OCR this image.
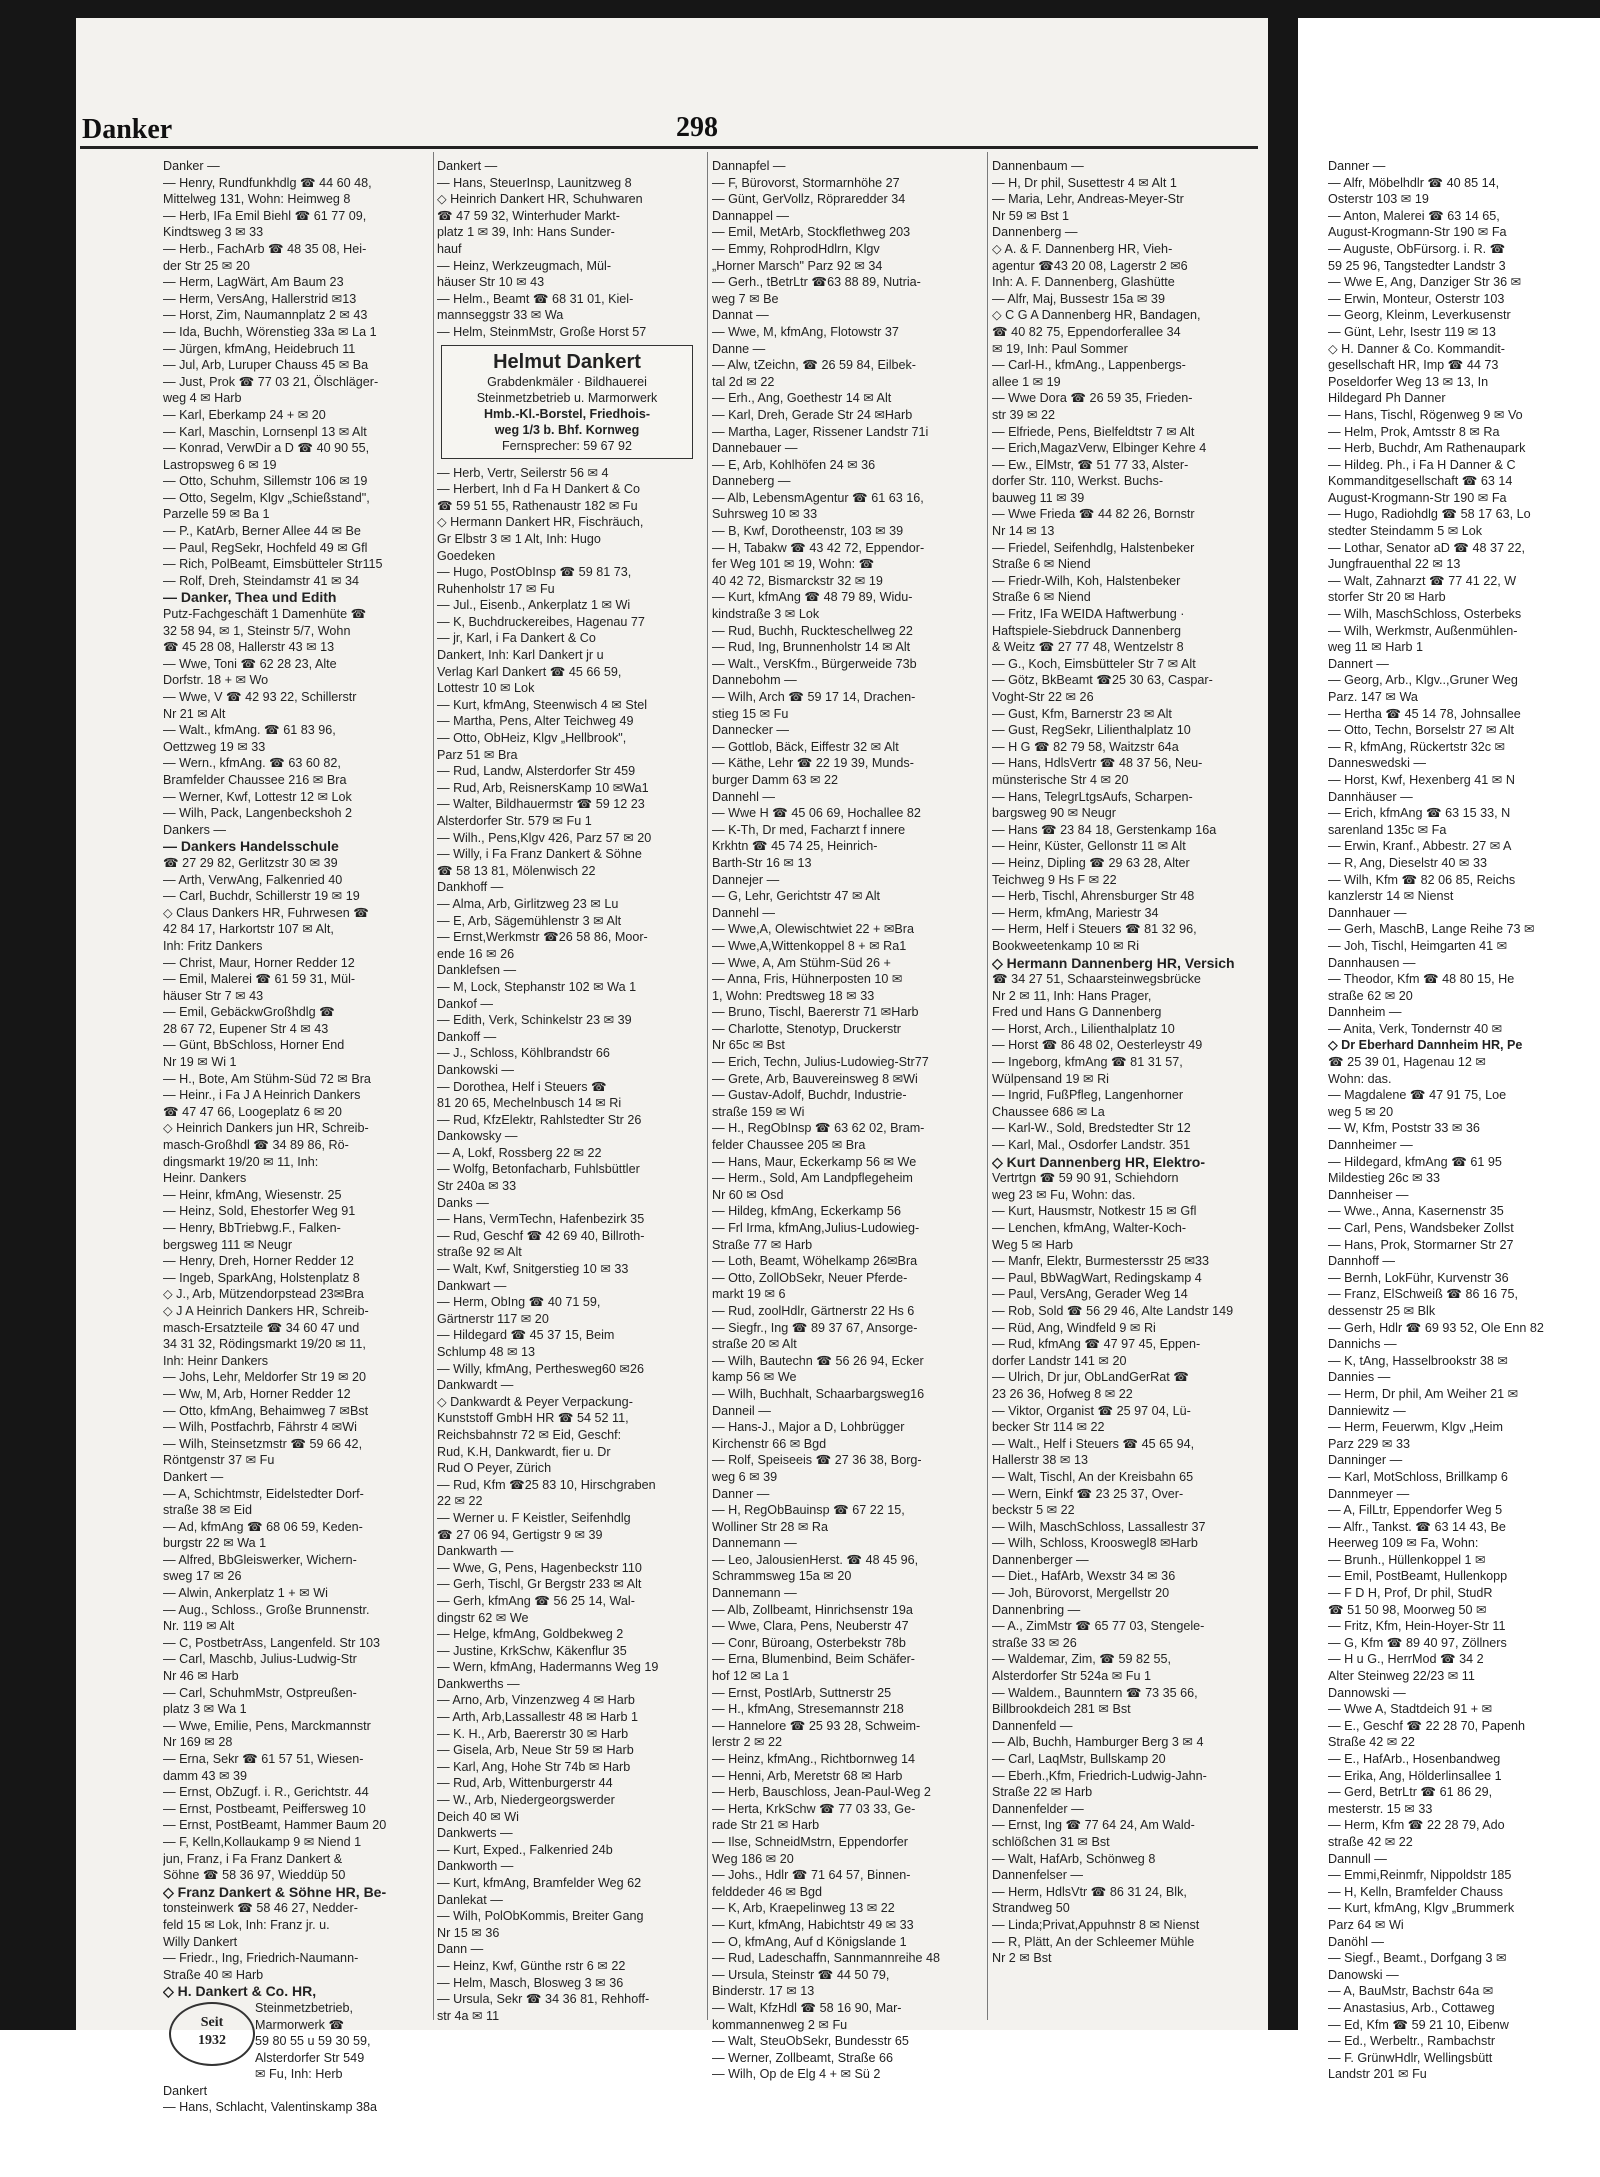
Danker	298
Danker —
— Henry, Rundfunkhdlg ☎ 44 60 48,
Mittelweg 131, Wohn: Heimweg 8
— Herb, IFa Emil Biehl ☎ 61 77 09,
Kindtsweg 3 ✉ 33
— Herb., FachArb ☎ 48 35 08, Hei-
der Str 25 ✉ 20
— Herm, LagWärt, Am Baum 23
— Herm, VersAng, Hallerstrid ✉13
— Horst, Zim, Naumannplatz 2 ✉ 43
— Ida, Buchh, Wörenstieg 33a ✉ La 1
— Jürgen, kfmAng, Heidebruch 11
— Jul, Arb, Luruper Chauss 45 ✉ Ba
— Just, Prok ☎ 77 03 21, Ölschläger-
weg 4 ✉ Harb
— Karl, Eberkamp 24 + ✉ 20
— Karl, Maschin, Lornsenpl 13 ✉ Alt
— Konrad, VerwDir a D ☎ 40 90 55,
Lastropsweg 6 ✉ 19
— Otto, Schuhm, Sillemstr 106 ✉ 19
— Otto, Segelm, Klgv „Schießstand",
Parzelle 59 ✉ Ba 1
— P., KatArb, Berner Allee 44 ✉ Be
— Paul, RegSekr, Hochfeld 49 ✉ Gfl
— Rich, PolBeamt, Eimsbütteler Str115
— Rolf, Dreh, Steindamstr 41 ✉ 34
— Danker, Thea und Edith
Putz-Fachgeschäft 1 Damenhüte ☎
32 58 94, ✉ 1, Steinstr 5/7, Wohn
☎ 45 28 08, Hallerstr 43 ✉ 13
— Wwe, Toni ☎ 62 28 23, Alte
Dorfstr. 18 + ✉ Wo
— Wwe, V ☎ 42 93 22, Schillerstr
Nr 21 ✉ Alt
— Walt., kfmAng. ☎ 61 83 96,
Oettzweg 19 ✉ 33
— Wern., kfmAng. ☎ 63 60 82,
Bramfelder Chaussee 216 ✉ Bra
— Werner, Kwf, Lottestr 12 ✉ Lok
— Wilh, Pack, Langenbeckshoh 2
Dankers —
— Dankers Handelsschule
☎ 27 29 82, Gerlitzstr 30 ✉ 39
— Arth, VerwAng, Falkenried 40
— Carl, Buchdr, Schillerstr 19 ✉ 19
◇ Claus Dankers HR, Fuhrwesen ☎
42 84 17, Harkortstr 107 ✉ Alt,
Inh: Fritz Dankers
— Christ, Maur, Horner Redder 12
— Emil, Malerei ☎ 61 59 31, Mül-
häuser Str 7 ✉ 43
— Emil, GebäckwGroßhdlg ☎
28 67 72, Eupener Str 4 ✉ 43
— Günt, BbSchloss, Horner End
Nr 19 ✉ Wi 1
— H., Bote, Am Stühm-Süd 72 ✉ Bra
— Heinr., i Fa J A Heinrich Dankers
☎ 47 47 66, Loogeplatz 6 ✉ 20
◇ Heinrich Dankers jun HR, Schreib-
masch-Großhdl ☎ 34 89 86, Rö-
dingsmarkt 19/20 ✉ 11, Inh:
Heinr. Dankers
— Heinr, kfmAng, Wiesenstr. 25
— Heinz, Sold, Ehestorfer Weg 91
— Henry, BbTriebwg.F., Falken-
bergsweg 111 ✉ Neugr
— Henry, Dreh, Horner Redder 12
— Ingeb, SparkAng, Holstenplatz 8
◇ J., Arb, Mützendorpstead 23✉Bra
◇ J A Heinrich Dankers HR, Schreib-
masch-Ersatzteile ☎ 34 60 47 und
34 31 32, Rödingsmarkt 19/20 ✉ 11,
Inh: Heinr Dankers
— Johs, Lehr, Meldorfer Str 19 ✉ 20
— Ww, M, Arb, Horner Redder 12
— Otto, kfmAng, Behaimweg 7 ✉Bst
— Wilh, Postfachrb, Fährstr 4 ✉Wi
— Wilh, Steinsetzmstr ☎ 59 66 42,
Röntgenstr 37 ✉ Fu
Dankert —
— A, Schichtmstr, Eidelstedter Dorf-
straße 38 ✉ Eid
— Ad, kfmAng ☎ 68 06 59, Keden-
burgstr 22 ✉ Wa 1
— Alfred, BbGleiswerker, Wichern-
sweg 17 ✉ 26
— Alwin, Ankerplatz 1 + ✉ Wi
— Aug., Schloss., Große Brunnenstr.
Nr. 119 ✉ Alt
— C, PostbetrAss, Langenfeld. Str 103
— Carl, Maschb, Julius-Ludwig-Str
Nr 46 ✉ Harb
— Carl, SchuhmMstr, Ostpreußen-
platz 3 ✉ Wa 1
— Wwe, Emilie, Pens, Marckmannstr
Nr 169 ✉ 28
— Erna, Sekr ☎ 61 57 51, Wiesen-
damm 43 ✉ 39
— Ernst, ObZugf. i. R., Gerichtstr. 44
— Ernst, Postbeamt, Peiffersweg 10
— Ernst, PostBeamt, Hammer Baum 20
— F, Kelln,Kollaukamp 9 ✉ Niend 1
jun, Franz, i Fa Franz Dankert &
Söhne ☎ 58 36 97, Wieddüp 50
◇ Franz Dankert & Söhne HR, Be-
tonsteinwerk ☎ 58 46 27, Nedder-
feld 15 ✉ Lok, Inh: Franz jr. u.
Willy Dankert
— Friedr., Ing, Friedrich-Naumann-
Straße 40 ✉ Harb
◇ H. Dankert & Co. HR,
Seit
1932
Steinmetzbetrieb,
Marmorwerk ☎
59 80 55 u 59 30 59,
Alsterdorfer Str 549
✉ Fu, Inh: Herb
Dankert
— Hans, Schlacht, Valentinskamp 38a
Dankert —
— Hans, SteuerInsp, Launitzweg 8
◇ Heinrich Dankert HR, Schuhwaren
☎ 47 59 32, Winterhuder Markt-
platz 1 ✉ 39, Inh: Hans Sunder-
hauf
— Heinz, Werkzeugmach, Mül-
häuser Str 10 ✉ 43
— Helm., Beamt ☎ 68 31 01, Kiel-
mannseggstr 33 ✉ Wa
— Helm, SteinmMstr, Große Horst 57
Helmut Dankert
Grabdenkmäler · Bildhauerei
Steinmetzbetrieb u. Marmorwerk
Hmb.-Kl.-Borstel, Friedhois-
weg 1/3 b. Bhf. Kornweg
Fernsprecher: 59 67 92
— Herb, Vertr, Seilerstr 56 ✉ 4
— Herbert, Inh d Fa H Dankert & Co
☎ 59 51 55, Rathenaustr 182 ✉ Fu
◇ Hermann Dankert HR, Fischräuch,
Gr Elbstr 3 ✉ 1 Alt, Inh: Hugo
Goedeken
— Hugo, PostObInsp ☎ 59 81 73,
Ruhenholstr 17 ✉ Fu
— Jul., Eisenb., Ankerplatz 1 ✉ Wi
— K, Buchdruckereibes, Hagenau 77
— jr, Karl, i Fa Dankert & Co
Dankert, Inh: Karl Dankert jr u
Verlag Karl Dankert ☎ 45 66 59,
Lottestr 10 ✉ Lok
— Kurt, kfmAng, Steenwisch 4 ✉ Stel
— Martha, Pens, Alter Teichweg 49
— Otto, ObHeiz, Klgv „Hellbrook",
Parz 51 ✉ Bra
— Rud, Landw, Alsterdorfer Str 459
— Rud, Arb, ReisnersKamp 10 ✉Wa1
— Walter, Bildhauermstr ☎ 59 12 23
Alsterdorfer Str. 579 ✉ Fu 1
— Wilh., Pens,Klgv 426, Parz 57 ✉ 20
— Willy, i Fa Franz Dankert & Söhne
☎ 58 13 81, Mölenwisch 22
Dankhoff —
— Alma, Arb, Girlitzweg 23 ✉ Lu
— E, Arb, Sägemühlenstr 3 ✉ Alt
— Ernst,Werkmstr ☎26 58 86, Moor-
ende 16 ✉ 26
Danklefsen —
— M, Lock, Stephanstr 102 ✉ Wa 1
Dankof —
— Edith, Verk, Schinkelstr 23 ✉ 39
Dankoff —
— J., Schloss, Köhlbrandstr 66
Dankowski —
— Dorothea, Helf i Steuers ☎
81 20 65, Mechelnbusch 14 ✉ Ri
— Rud, KfzElektr, Rahlstedter Str 26
Dankowsky —
— A, Lokf, Rossberg 22 ✉ 22
— Wolfg, Betonfacharb, Fuhlsbüttler
Str 240a ✉ 33
Danks —
— Hans, VermTechn, Hafenbezirk 35
— Rud, Geschf ☎ 42 69 40, Billroth-
straße 92 ✉ Alt
— Walt, Kwf, Snitgerstieg 10 ✉ 33
Dankwart —
— Herm, ObIng ☎ 40 71 59,
Gärtnerstr 117 ✉ 20
— Hildegard ☎ 45 37 15, Beim
Schlump 48 ✉ 13
— Willy, kfmAng, Perthesweg60 ✉26
Dankwardt —
◇ Dankwardt & Peyer Verpackung-
Kunststoff GmbH HR ☎ 54 52 11,
Reichsbahnstr 72 ✉ Eid, Geschf:
Rud, K.H, Dankwardt, fier u. Dr
Rud O Peyer, Zürich
— Rud, Kfm ☎25 83 10, Hirschgraben
22 ✉ 22
— Werner u. F Keistler, Seifenhdlg
☎ 27 06 94, Gertigstr 9 ✉ 39
Dankwarth —
— Wwe, G, Pens, Hagenbeckstr 110
— Gerh, Tischl, Gr Bergstr 233 ✉ Alt
— Gerh, kfmAng ☎ 56 25 14, Wal-
dingstr 62 ✉ We
— Helge, kfmAng, Goldbekweg 2
— Justine, KrkSchw, Käkenflur 35
— Wern, kfmAng, Hadermanns Weg 19
Dankwerths —
— Arno, Arb, Vinzenzweg 4 ✉ Harb
— Arth, Arb,Lassallestr 48 ✉ Harb 1
— K. H., Arb, Baererstr 30 ✉ Harb
— Gisela, Arb, Neue Str 59 ✉ Harb
— Karl, Ang, Hohe Str 74b ✉ Harb
— Rud, Arb, Wittenburgerstr 44
— W., Arb, Niedergeorgswerder
Deich 40 ✉ Wi
Dankwerts —
— Kurt, Exped., Falkenried 24b
Dankworth —
— Kurt, kfmAng, Bramfelder Weg 62
Danlekat —
— Wilh, PolObKommis, Breiter Gang
Nr 15 ✉ 36
Dann —
— Heinz, Kwf, Günthe rstr 6 ✉ 22
— Helm, Masch, Blosweg 3 ✉ 36
— Ursula, Sekr ☎ 34 36 81, Rehhoff-
str 4a ✉ 11
Dannapfel —
— F, Bürovorst, Stormarnhöhe 27
— Günt, GerVollz, Röpraredder 34
Dannappel —
— Emil, MetArb, Stockflethweg 203
— Emmy, RohprodHdlrn, Klgv
„Horner Marsch" Parz 92 ✉ 34
— Gerh., tBetrLtr ☎63 88 89, Nutria-
weg 7 ✉ Be
Dannat —
— Wwe, M, kfmAng, Flotowstr 37
Danne —
— Alw, tZeichn, ☎ 26 59 84, Eilbek-
tal 2d ✉ 22
— Erh., Ang, Goethestr 14 ✉ Alt
— Karl, Dreh, Gerade Str 24 ✉Harb
— Martha, Lager, Rissener Landstr 71i
Dannebauer —
— E, Arb, Kohlhöfen 24 ✉ 36
Danneberg —
— Alb, LebensmAgentur ☎ 61 63 16,
Suhrsweg 10 ✉ 33
— B, Kwf, Dorotheenstr, 103 ✉ 39
— H, Tabakw ☎ 43 42 72, Eppendor-
fer Weg 101 ✉ 19, Wohn: ☎
40 42 72, Bismarckstr 32 ✉ 19
— Kurt, kfmAng ☎ 48 79 89, Widu-
kindstraße 3 ✉ Lok
— Rud, Buchh, Ruckteschellweg 22
— Rud, Ing, Brunnenholstr 14 ✉ Alt
— Walt., VersKfm., Bürgerweide 73b
Dannebohm —
— Wilh, Arch ☎ 59 17 14, Drachen-
stieg 15 ✉ Fu
Dannecker —
— Gottlob, Bäck, Eiffestr 32 ✉ Alt
— Käthe, Lehr ☎ 22 19 39, Munds-
burger Damm 63 ✉ 22
Dannehl —
— Wwe H ☎ 45 06 69, Hochallee 82
— K-Th, Dr med, Facharzt f innere
Krkhtn ☎ 45 74 25, Heinrich-
Barth-Str 16 ✉ 13
Dannejer —
— G, Lehr, Gerichtstr 47 ✉ Alt
Dannehl —
— Wwe,A, Olewischtwiet 22 + ✉Bra
— Wwe,A,Wittenkoppel 8 + ✉ Ra1
— Wwe, A, Am Stühm-Süd 26 +
— Anna, Fris, Hühnerposten 10 ✉
1, Wohn: Predtsweg 18 ✉ 33
— Bruno, Tischl, Baererstr 71 ✉Harb
— Charlotte, Stenotyp, Druckerstr
Nr 65c ✉ Bst
— Erich, Techn, Julius-Ludowieg-Str77
— Grete, Arb, Bauvereinsweg 8 ✉Wi
— Gustav-Adolf, Buchdr, Industrie-
straße 159 ✉ Wi
— H., RegObInsp ☎ 63 62 02, Bram-
felder Chaussee 205 ✉ Bra
— Hans, Maur, Eckerkamp 56 ✉ We
— Herm., Sold, Am Landpflegeheim
Nr 60 ✉ Osd
— Hildeg, kfmAng, Eckerkamp 56
— Frl Irma, kfmAng,Julius-Ludowieg-
Straße 77 ✉ Harb
— Loth, Beamt, Wöhelkamp 26✉Bra
— Otto, ZollObSekr, Neuer Pferde-
markt 19 ✉ 6
— Rud, zoolHdlr, Gärtnerstr 22 Hs 6
— Siegfr., Ing ☎ 89 37 67, Ansorge-
straße 20 ✉ Alt
— Wilh, Bautechn ☎ 56 26 94, Ecker
kamp 56 ✉ We
— Wilh, Buchhalt, Schaarbargsweg16
Danneil —
— Hans-J., Major a D, Lohbrügger
Kirchenstr 66 ✉ Bgd
— Rolf, Speiseeis ☎ 27 36 38, Borg-
weg 6 ✉ 39
Danner —
— H, RegObBauinsp ☎ 67 22 15,
Wolliner Str 28 ✉ Ra
Dannemann —
— Leo, JalousienHerst. ☎ 48 45 96,
Schrammsweg 15a ✉ 20
Dannemann —
— Alb, Zollbeamt, Hinrichsenstr 19a
— Wwe, Clara, Pens, Neuberstr 47
— Conr, Büroang, Osterbekstr 78b
— Erna, Blumenbind, Beim Schäfer-
hof 12 ✉ La 1
— Ernst, PostlArb, Suttnerstr 25
— H., kfmAng, Stresemannstr 218
— Hannelore ☎ 25 93 28, Schweim-
lerstr 2 ✉ 22
— Heinz, kfmAng., Richtbornweg 14
— Henni, Arb, Meretstr 68 ✉ Harb
— Herb, Bauschloss, Jean-Paul-Weg 2
— Herta, KrkSchw ☎ 77 03 33, Ge-
rade Str 21 ✉ Harb
— Ilse, SchneidMstrn, Eppendorfer
Weg 186 ✉ 20
— Johs., Hdlr ☎ 71 64 57, Binnen-
felddeder 46 ✉ Bgd
— K, Arb, Kraepelinweg 13 ✉ 22
— Kurt, kfmAng, Habichtstr 49 ✉ 33
— O, kfmAng, Auf d Königslande 1
— Rud, Ladeschaffn, Sannmannreihe 48
— Ursula, Steinstr ☎ 44 50 79,
Binderstr. 17 ✉ 13
— Walt, KfzHdl ☎ 58 16 90, Mar-
kommannenweg 2 ✉ Fu
— Walt, SteuObSekr, Bundesstr 65
— Werner, Zollbeamt, Straße 66
— Wilh, Op de Elg 4 + ✉ Sü 2
Dannenbaum —
— H, Dr phil, Susettestr 4 ✉ Alt 1
— Maria, Lehr, Andreas-Meyer-Str
Nr 59 ✉ Bst 1
Dannenberg —
◇ A. & F. Dannenberg HR, Vieh-
agentur ☎43 20 08, Lagerstr 2 ✉6
Inh: A. F. Dannenberg, Glashütte
— Alfr, Maj, Bussestr 15a ✉ 39
◇ C G A Dannenberg HR, Bandagen,
☎ 40 82 75, Eppendorferallee 34
✉ 19, Inh: Paul Sommer
— Carl-H., kfmAng., Lappenbergs-
allee 1 ✉ 19
— Wwe Dora ☎ 26 59 35, Frieden-
str 39 ✉ 22
— Elfriede, Pens, Bielfeldtstr 7 ✉ Alt
— Erich,MagazVerw, Elbinger Kehre 4
— Ew., ElMstr, ☎ 51 77 33, Alster-
dorfer Str. 110, Werkst. Buchs-
bauweg 11 ✉ 39
— Wwe Frieda ☎ 44 82 26, Bornstr
Nr 14 ✉ 13
— Friedel, Seifenhdlg, Halstenbeker
Straße 6 ✉ Niend
— Friedr-Wilh, Koh, Halstenbeker
Straße 6 ✉ Niend
— Fritz, IFa WEIDA Haftwerbung ·
Haftspiele-Siebdruck Dannenberg
& Weitz ☎ 27 77 48, Wentzelstr 8
— G., Koch, Eimsbütteler Str 7 ✉ Alt
— Götz, BkBeamt ☎25 30 63, Caspar-
Voght-Str 22 ✉ 26
— Gust, Kfm, Barnerstr 23 ✉ Alt
— Gust, RegSekr, Lilienthalplatz 10
— H G ☎ 82 79 58, Waitzstr 64a
— Hans, HdlsVertr ☎ 48 37 56, Neu-
münsterische Str 4 ✉ 20
— Hans, TelegrLtgsAufs, Scharpen-
bargsweg 90 ✉ Neugr
— Hans ☎ 23 84 18, Gerstenkamp 16a
— Heinr, Küster, Gellonstr 11 ✉ Alt
— Heinz, Dipling ☎ 29 63 28, Alter
Teichweg 9 Hs F ✉ 22
— Herb, Tischl, Ahrensburger Str 48
— Herm, kfmAng, Mariestr 34
— Herm, Helf i Steuers ☎ 81 32 96,
Bookweetenkamp 10 ✉ Ri
◇ Hermann Dannenberg HR, Versich
☎ 34 27 51, Schaarsteinwegsbrücke
Nr 2 ✉ 11, Inh: Hans Prager,
Fred und Hans G Dannenberg
— Horst, Arch., Lilienthalplatz 10
— Horst ☎ 86 48 02, Oesterleystr 49
— Ingeborg, kfmAng ☎ 81 31 57,
Wülpensand 19 ✉ Ri
— Ingrid, FußPfleg, Langenhorner
Chaussee 686 ✉ La
— Karl-W., Sold, Bredstedter Str 12
— Karl, Mal., Osdorfer Landstr. 351
◇ Kurt Dannenberg HR, Elektro-
Vertrtgn ☎ 59 90 91, Schiehdorn
weg 23 ✉ Fu, Wohn: das.
— Kurt, Hausmstr, Notkestr 15 ✉ Gfl
— Lenchen, kfmAng, Walter-Koch-
Weg 5 ✉ Harb
— Manfr, Elektr, Burmestersstr 25 ✉33
— Paul, BbWagWart, Redingskamp 4
— Paul, VersAng, Gerader Weg 14
— Rob, Sold ☎ 56 29 46, Alte Landstr 149
— Rüd, Ang, Windfeld 9 ✉ Ri
— Rud, kfmAng ☎ 47 97 45, Eppen-
dorfer Landstr 141 ✉ 20
— Ulrich, Dr jur, ObLandGerRat ☎
23 26 36, Hofweg 8 ✉ 22
— Viktor, Organist ☎ 25 97 04, Lü-
becker Str 114 ✉ 22
— Walt., Helf i Steuers ☎ 45 65 94,
Hallerstr 38 ✉ 13
— Walt, Tischl, An der Kreisbahn 65
— Wern, Einkf ☎ 23 25 37, Over-
beckstr 5 ✉ 22
— Wilh, MaschSchloss, Lassallestr 37
— Wilh, Schloss, Krooswegl8 ✉Harb
Dannenberger —
— Diet., HafArb, Wexstr 34 ✉ 36
— Joh, Bürovorst, Mergellstr 20
Dannenbring —
— A., ZimMstr ☎ 65 77 03, Stengele-
straße 33 ✉ 26
— Waldemar, Zim, ☎ 59 82 55,
Alsterdorfer Str 524a ✉ Fu 1
— Waldem., Baunntern ☎ 73 35 66,
Billbrookdeich 281 ✉ Bst
Dannenfeld —
— Alb, Buchh, Hamburger Berg 3 ✉ 4
— Carl, LaqMstr, Bullskamp 20
— Eberh.,Kfm, Friedrich-Ludwig-Jahn-
Straße 22 ✉ Harb
Dannenfelder —
— Ernst, Ing ☎ 77 64 24, Am Wald-
schlößchen 31 ✉ Bst
— Walt, HafArb, Schönweg 8
Dannenfelser —
— Herm, HdlsVtr ☎ 86 31 24, Blk,
Strandweg 50
— Linda;Privat,Appuhnstr 8 ✉ Nienst
— R, Plätt, An der Schleemer Mühle
Nr 2 ✉ Bst
Danner —
— Alfr, Möbelhdlr ☎ 40 85 14,
Osterstr 103 ✉ 19
— Anton, Malerei ☎ 63 14 65,
August-Krogmann-Str 190 ✉ Fa
— Auguste, ObFürsorg. i. R. ☎
59 25 96, Tangstedter Landstr 3
— Wwe E, Ang, Danziger Str 36 ✉
— Erwin, Monteur, Osterstr 103
— Georg, Kleinm, Leverkusenstr
— Günt, Lehr, Isestr 119 ✉ 13
◇ H. Danner & Co. Kommandit-
gesellschaft HR, Imp ☎ 44 73
Poseldorfer Weg 13 ✉ 13, In
Hildegard Ph Danner
— Hans, Tischl, Rögenweg 9 ✉ Vo
— Helm, Prok, Amtsstr 8 ✉ Ra
— Herb, Buchdr, Am Rathenaupark
— Hildeg. Ph., i Fa H Danner & C
Kommanditgesellschaft ☎ 63 14
August-Krogmann-Str 190 ✉ Fa
— Hugo, Radiohdlg ☎ 58 17 63, Lo
stedter Steindamm 5 ✉ Lok
— Lothar, Senator aD ☎ 48 37 22,
Jungfrauenthal 22 ✉ 13
— Walt, Zahnarzt ☎ 77 41 22, W
storfer Str 20 ✉ Harb
— Wilh, MaschSchloss, Osterbeks
— Wilh, Werkmstr, Außenmühlen-
weg 11 ✉ Harb 1
Dannert —
— Georg, Arb., Klgv..,Gruner Weg
Parz. 147 ✉ Wa
— Hertha ☎ 45 14 78, Johnsallee
— Otto, Techn, Borselstr 27 ✉ Alt
— R, kfmAng, Rückertstr 32c ✉
Danneswedski —
— Horst, Kwf, Hexenberg 41 ✉ N
Dannhäuser —
— Erich, kfmAng ☎ 63 15 33, N
sarenland 135c ✉ Fa
— Erwin, Kranf., Abbestr. 27 ✉ A
— R, Ang, Dieselstr 40 ✉ 33
— Wilh, Kfm ☎ 82 06 85, Reichs
kanzlerstr 14 ✉ Nienst
Dannhauer —
— Gerh, MaschB, Lange Reihe 73 ✉
— Joh, Tischl, Heimgarten 41 ✉
Dannhausen —
— Theodor, Kfm ☎ 48 80 15, He
straße 62 ✉ 20
Dannheim —
— Anita, Verk, Tondernstr 40 ✉
◇ Dr Eberhard Dannheim HR, Pe
☎ 25 39 01, Hagenau 12 ✉
Wohn: das.
— Magdalene ☎ 47 91 75, Loe
weg 5 ✉ 20
— W, Kfm, Poststr 33 ✉ 36
Dannheimer —
— Hildegard, kfmAng ☎ 61 95
Mildestieg 26c ✉ 33
Dannheiser —
— Wwe., Anna, Kasernenstr 35
— Carl, Pens, Wandsbeker Zollst
— Hans, Prok, Stormarner Str 27
Dannhoff —
— Bernh, LokFühr, Kurvenstr 36
— Franz, ElSchweiß ☎ 86 16 75,
dessenstr 25 ✉ Blk
— Gerh, Hdlr ☎ 69 93 52, Ole Enn 82
Dannichs —
— K, tAng, Hasselbrookstr 38 ✉
Dannies —
— Herm, Dr phil, Am Weiher 21 ✉
Danniewitz —
— Herm, Feuerwm, Klgv „Heim
Parz 229 ✉ 33
Danninger —
— Karl, MotSchloss, Brillkamp 6
Dannmeyer —
— A, FilLtr, Eppendorfer Weg 5
— Alfr., Tankst. ☎ 63 14 43, Be
Heerweg 109 ✉ Fa, Wohn:
— Brunh., Hüllenkoppel 1 ✉
— Emil, PostBeamt, Hullenkopp
— F D H, Prof, Dr phil, StudR
☎ 51 50 98, Moorweg 50 ✉
— Fritz, Kfm, Hein-Hoyer-Str 11
— G, Kfm ☎ 89 40 97, Zöllners
— H u G., HerrMod ☎ 34 2
Alter Steinweg 22/23 ✉ 11
Dannowski —
— Wwe A, Stadtdeich 91 + ✉
— E., Geschf ☎ 22 28 70, Papenh
Straße 42 ✉ 22
— E., HafArb., Hosenbandweg
— Erika, Ang, Hölderlinsallee 1
— Gerd, BetrLtr ☎ 61 86 29,
mesterstr. 15 ✉ 33
— Herm, Kfm ☎ 22 28 79, Ado
straße 42 ✉ 22
Dannull —
— Emmi,Reinmfr, Nippoldstr 185
— H, Kelln, Bramfelder Chauss
— Kurt, kfmAng, Klgv „Brummerk
Parz 64 ✉ Wi
Danöhl —
— Siegf., Beamt., Dorfgang 3 ✉
Danowski —
— A, BauMstr, Bachstr 64a ✉
— Anastasius, Arb., Cottaweg
— Ed, Kfm ☎ 59 21 10, Eibenw
— Ed., Werbeltr., Rambachstr
— F. GrünwHdlr, Wellingsbütt
Landstr 201 ✉ Fu
